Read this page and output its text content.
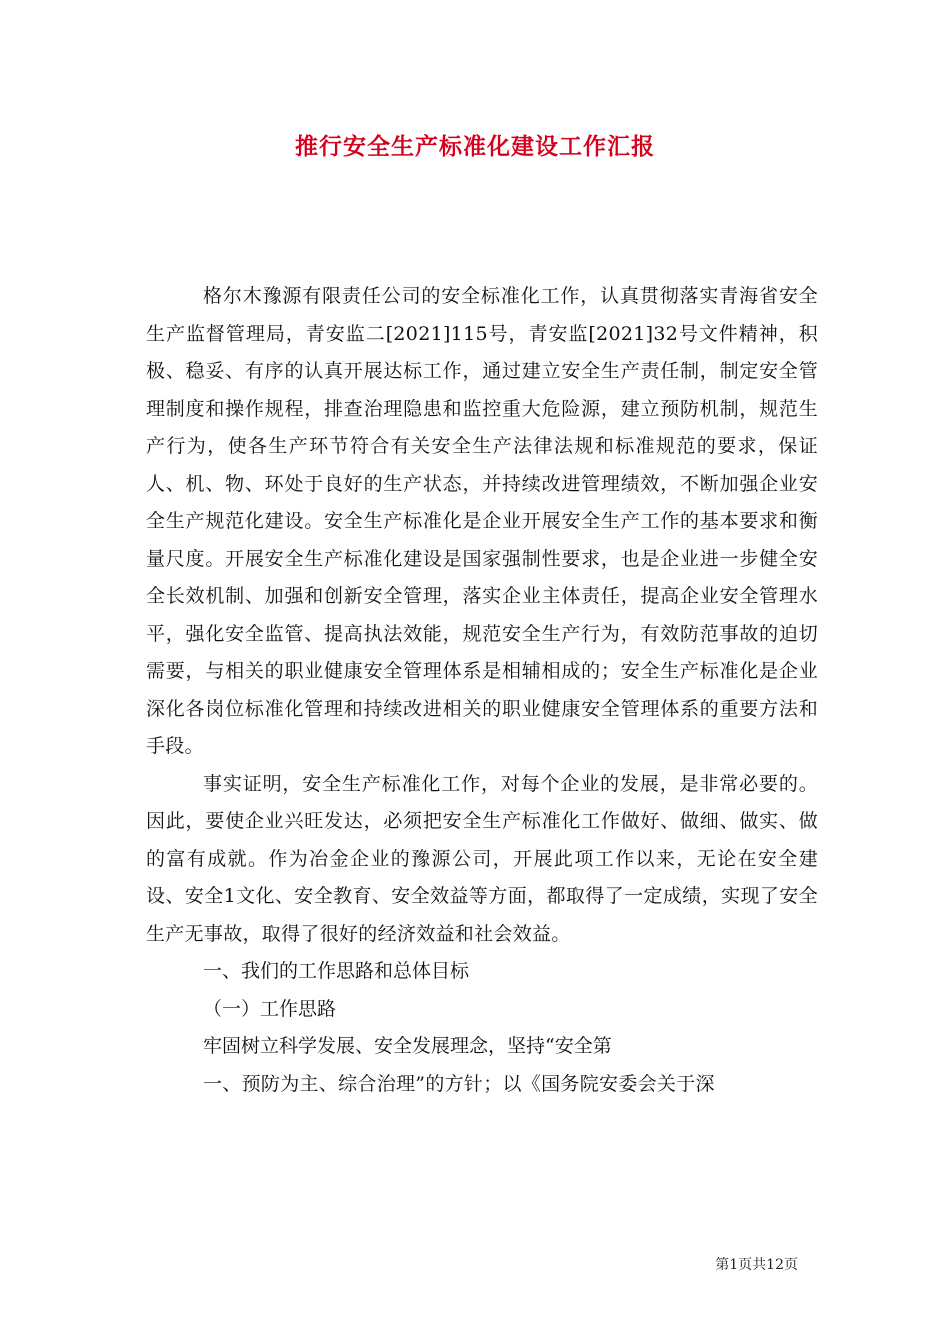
推行安全生产标准化建设工作汇报

格尔木豫源有限责任公司的安全标准化工作，认真贯彻落实青海省安全生产监督管理局，青安监二[2021]115号，青安监[2021]32号文件精神，积极、稳妥、有序的认真开展达标工作，通过建立安全生产责任制，制定安全管理制度和操作规程，排查治理隐患和监控重大危险源，建立预防机制，规范生产行为，使各生产环节符合有关安全生产法律法规和标准规范的要求，保证人、机、物、环处于良好的生产状态，并持续改进管理绩效，不断加强企业安全生产规范化建设。安全生产标准化是企业开展安全生产工作的基本要求和衡量尺度。开展安全生产标准化建设是国家强制性要求，也是企业进一步健全安全长效机制、加强和创新安全管理，落实企业主体责任，提高企业安全管理水平，强化安全监管、提高执法效能，规范安全生产行为，有效防范事故的迫切需要，与相关的职业健康安全管理体系是相辅相成的；安全生产标准化是企业深化各岗位标准化管理和持续改进相关的职业健康安全管理体系的重要方法和手段。

事实证明，安全生产标准化工作，对每个企业的发展，是非常必要的。因此，要使企业兴旺发达，必须把安全生产标准化工作做好、做细、做实、做的富有成就。作为冶金企业的豫源公司，开展此项工作以来，无论在安全建设、安全1文化、安全教育、安全效益等方面，都取得了一定成绩，实现了安全生产无事故，取得了很好的经济效益和社会效益。

一、我们的工作思路和总体目标

（一）工作思路

牢固树立科学发展、安全发展理念，坚持“安全第

一、预防为主、综合治理”的方针；以《国务院安委会关于深

第1页共12页
